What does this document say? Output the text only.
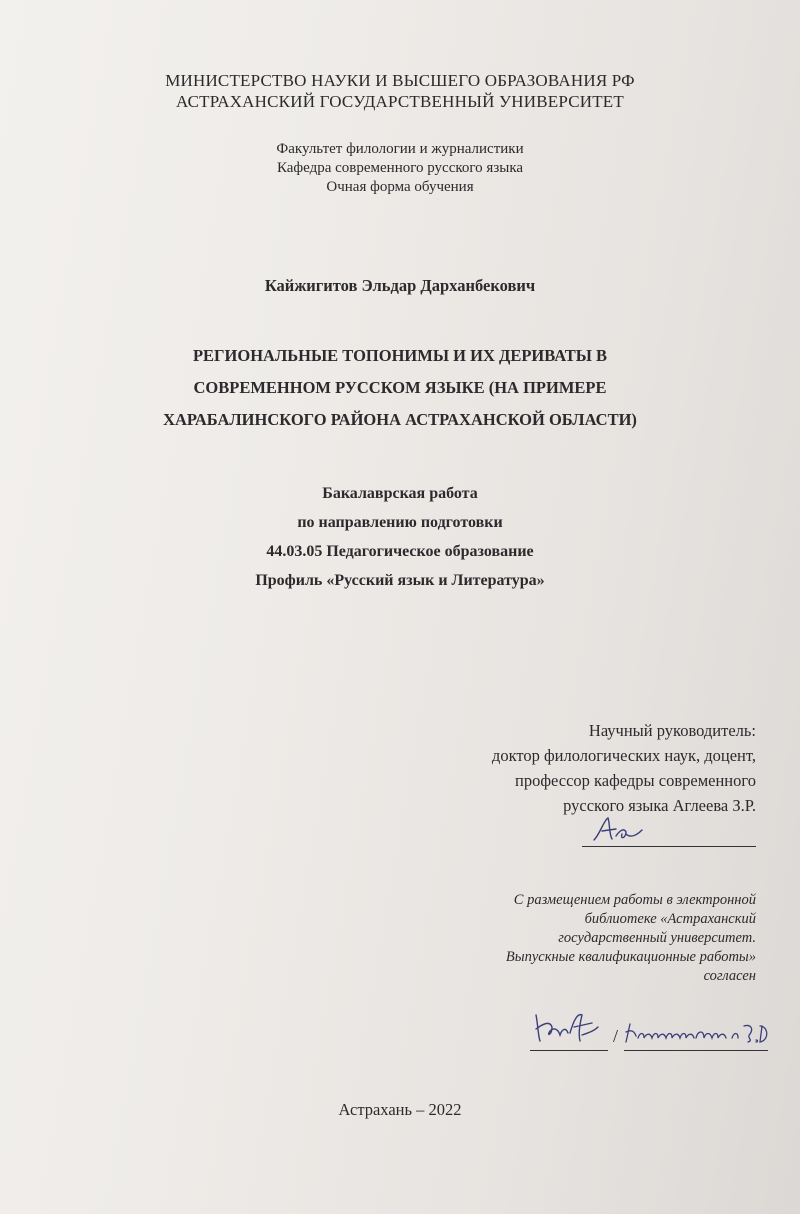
МИНИСТЕРСТВО НАУКИ И ВЫСШЕГО ОБРАЗОВАНИЯ РФ
АСТРАХАНСКИЙ ГОСУДАРСТВЕННЫЙ УНИВЕРСИТЕТ
Факультет филологии и журналистики
Кафедра современного русского языка
Очная форма обучения
Кайжигитов Эльдар Дарханбекович
РЕГИОНАЛЬНЫЕ ТОПОНИМЫ И ИХ ДЕРИВАТЫ В
СОВРЕМЕННОМ РУССКОМ ЯЗЫКЕ (НА ПРИМЕРЕ
ХАРАБАЛИНСКОГО РАЙОНА АСТРАХАНСКОЙ ОБЛАСТИ)
Бакалаврская работа
по направлению подготовки
44.03.05 Педагогическое образование
Профиль «Русский язык и Литература»
Научный руководитель:
доктор филологических наук, доцент,
профессор кафедры современного
русского языка Аглеева З.Р.
С размещением работы в электронной
библиотеке «Астраханский
государственный университет.
Выпускные квалификационные работы»
согласен
/
Астрахань – 2022
